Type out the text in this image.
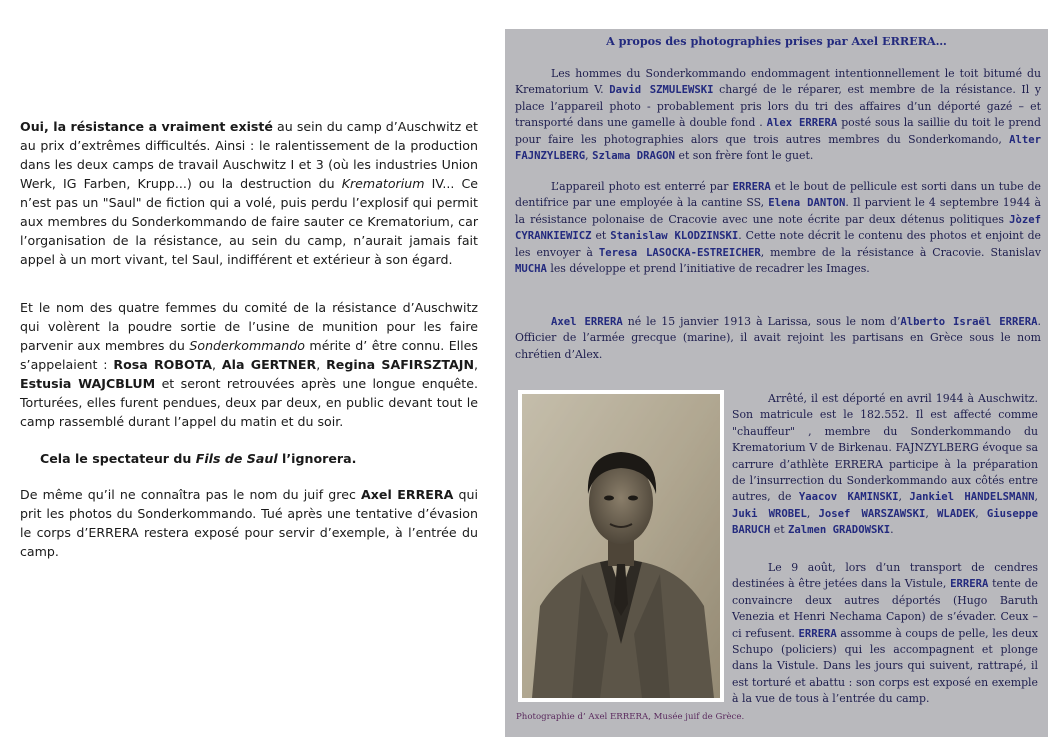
Oui, la résistance a vraiment existé au sein du camp d’Auschwitz et au prix d’extrêmes difficultés. Ainsi : le ralentissement de la production dans les deux camps de travail Auschwitz I et 3 (où les industries Union Werk, IG Farben, Krupp...) ou la destruction du Krematorium IV... Ce n’est pas un "Saul" de fiction qui a volé, puis perdu l’explosif qui permit aux membres du Sonderkommando de faire sauter ce Krematorium, car l’organisation de la résistance, au sein du camp, n’aurait jamais fait appel à un mort vivant, tel Saul, indifférent et extérieur à son égard.

Et le nom des quatre femmes du comité de la résistance d’Auschwitz qui volèrent la poudre sortie de l’usine de munition pour les faire parvenir aux membres du Sonderkommando mérite d’ être connu. Elles s’appelaient : Rosa ROBOTA, Ala GERTNER, Regina SAFIRSZTAJN, Estusia WAJCBLUM et seront retrouvées après une longue enquête. Torturées, elles furent pendues, deux par deux, en public devant tout le camp rassemblé durant l’appel du matin et du soir.

Cela le spectateur du Fils de Saul l’ignorera.

De même qu’il ne connaîtra pas le nom du juif grec Axel ERRERA qui prit les photos du Sonderkommando. Tué après une tentative d’évasion le corps d’ERRERA restera exposé pour servir d’exemple, à l’entrée du camp.

A propos des photographies prises par Axel ERRERA…

Les hommes du Sonderkommando endommagent intentionnellement le toit bitumé du Krematorium V. David SZMULEWSKI chargé de le réparer, est membre de la résistance. Il y place l’appareil photo - probablement pris lors du tri des affaires d’un déporté gazé – et transporté dans une gamelle à double fond . Alex ERRERA posté sous la saillie du toit le prend pour faire les photographies alors que trois autres membres du Sonderkomando, Alter FAJNZYLBERG, Szlama DRAGON et son frère font le guet.

L’appareil photo est enterré par ERRERA et le bout de pellicule est sorti dans un tube de dentifrice par une employée à la cantine SS, Elena DANTON. Il parvient le 4 septembre 1944 à la résistance polonaise de Cracovie avec une note écrite par deux détenus politiques Jòzef CYRANKIEWICZ et Stanislaw KLODZINSKI. Cette note décrit le contenu des photos et enjoint de les envoyer à Teresa LASOCKA-ESTREICHER, membre de la résistance à Cracovie. Stanislav MUCHA les développe et prend l’initiative de recadrer les Images.

Axel ERRERA né le 15 janvier 1913 à Larissa, sous le nom d’Alberto Israël ERRERA. Officier de l’armée grecque (marine), il avait rejoint les partisans en Grèce sous le nom chrétien d’Alex.

Arrêté, il est déporté en avril 1944 à Auschwitz. Son matricule est le 182.552. Il est affecté comme "chauffeur" , membre du Sonderkommando du Krematorium V de Birkenau. FAJNZYLBERG évoque sa carrure d’athlète ERRERA participe à la préparation de l’insurrection du Sonderkommando aux côtés entre autres, de Yaacov KAMINSKI, Jankiel HANDELSMANN, Juki WROBEL, Josef WARSZAWSKI, WLADEK, Giuseppe BARUCH et Zalmen GRADOWSKI.

Le 9 août, lors d’un transport de cendres destinées à être jetées dans la Vistule, ERRERA tente de convaincre deux autres déportés (Hugo Baruth Venezia et Henri Nechama Capon) de s’évader. Ceux –ci refusent. ERRERA assomme à coups de pelle, les deux Schupo (policiers) qui les accompagnent et plonge dans la Vistule. Dans les jours qui suivent, rattrapé, il est torturé et abattu : son corps est exposé en exemple à la vue de tous à l’entrée du camp.

Photographie d’ Axel ERRERA, Musée juif de Grèce.
